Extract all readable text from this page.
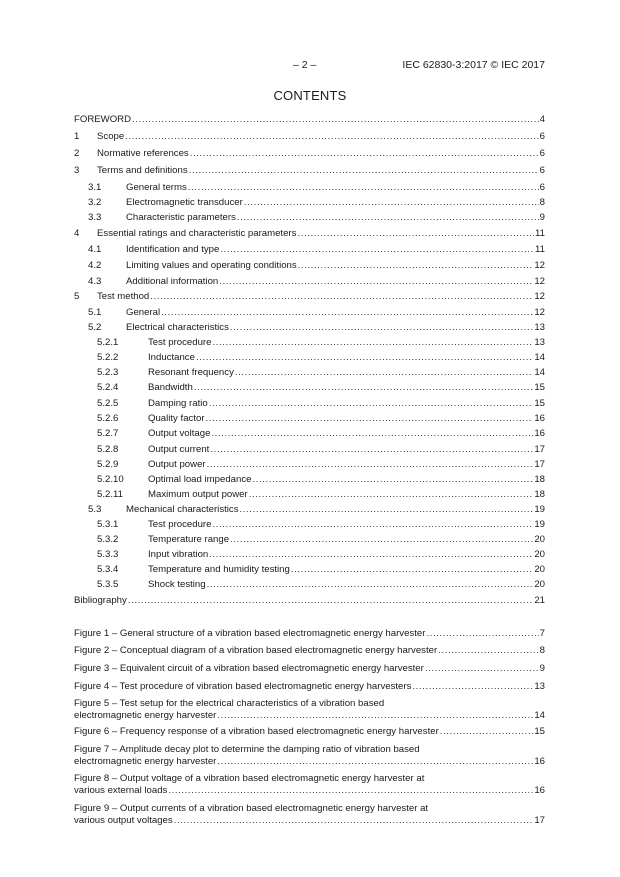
– 2 –	IEC 62830-3:2017 © IEC 2017
CONTENTS
FOREWORD .....	4
1	Scope .....	6
2	Normative references .....	6
3	Terms and definitions .....	6
3.1	General terms .....	6
3.2	Electromagnetic transducer .....	8
3.3	Characteristic parameters .....	9
4	Essential ratings and characteristic parameters .....	11
4.1	Identification and type .....	11
4.2	Limiting values and operating conditions .....	12
4.3	Additional information .....	12
5	Test method .....	12
5.1	General .....	12
5.2	Electrical characteristics .....	13
5.2.1	Test procedure .....	13
5.2.2	Inductance .....	14
5.2.3	Resonant frequency .....	14
5.2.4	Bandwidth .....	15
5.2.5	Damping ratio .....	15
5.2.6	Quality factor .....	16
5.2.7	Output voltage .....	16
5.2.8	Output current .....	17
5.2.9	Output power .....	17
5.2.10	Optimal load impedance .....	18
5.2.11	Maximum output power .....	18
5.3	Mechanical characteristics .....	19
5.3.1	Test procedure .....	19
5.3.2	Temperature range .....	20
5.3.3	Input vibration .....	20
5.3.4	Temperature and humidity testing .....	20
5.3.5	Shock testing .....	20
Bibliography .....	21
Figure 1 – General structure of a vibration based electromagnetic energy harvester .....	7
Figure 2 – Conceptual diagram of a vibration based electromagnetic energy harvester .....	8
Figure 3 – Equivalent circuit of a vibration based electromagnetic energy harvester .....	9
Figure 4 – Test procedure of vibration based electromagnetic energy harvesters .....	13
Figure 5 – Test setup for the electrical characteristics of a vibration based
electromagnetic energy harvester .....	14
Figure 6 – Frequency response of a vibration based electromagnetic energy harvester .....	15
Figure 7 – Amplitude decay plot to determine the damping ratio of vibration based
electromagnetic energy harvester .....	16
Figure 8 – Output voltage of a vibration based electromagnetic energy harvester at
various external loads .....	16
Figure 9 – Output currents of a vibration based electromagnetic energy harvester at
various output voltages .....	17
